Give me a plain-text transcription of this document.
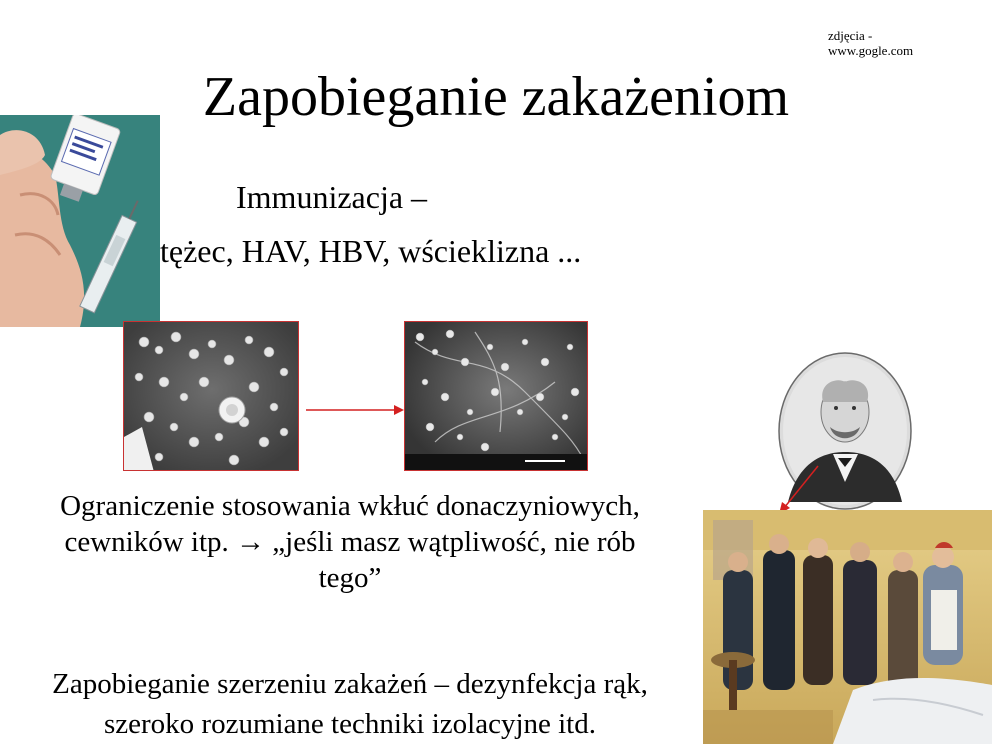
zdjęcia -
www.gogle.com
Zapobieganie zakażeniom
Immunizacja –
tężec, HAV, HBV, wścieklizna ...
Ograniczenie stosowania wkłuć donaczyniowych,
cewników itp. → „jeśli masz wątpliwość, nie rób
tego”
Zapobieganie szerzeniu zakażeń – dezynfekcja rąk,
szeroko rozumiane techniki izolacyjne itd.
